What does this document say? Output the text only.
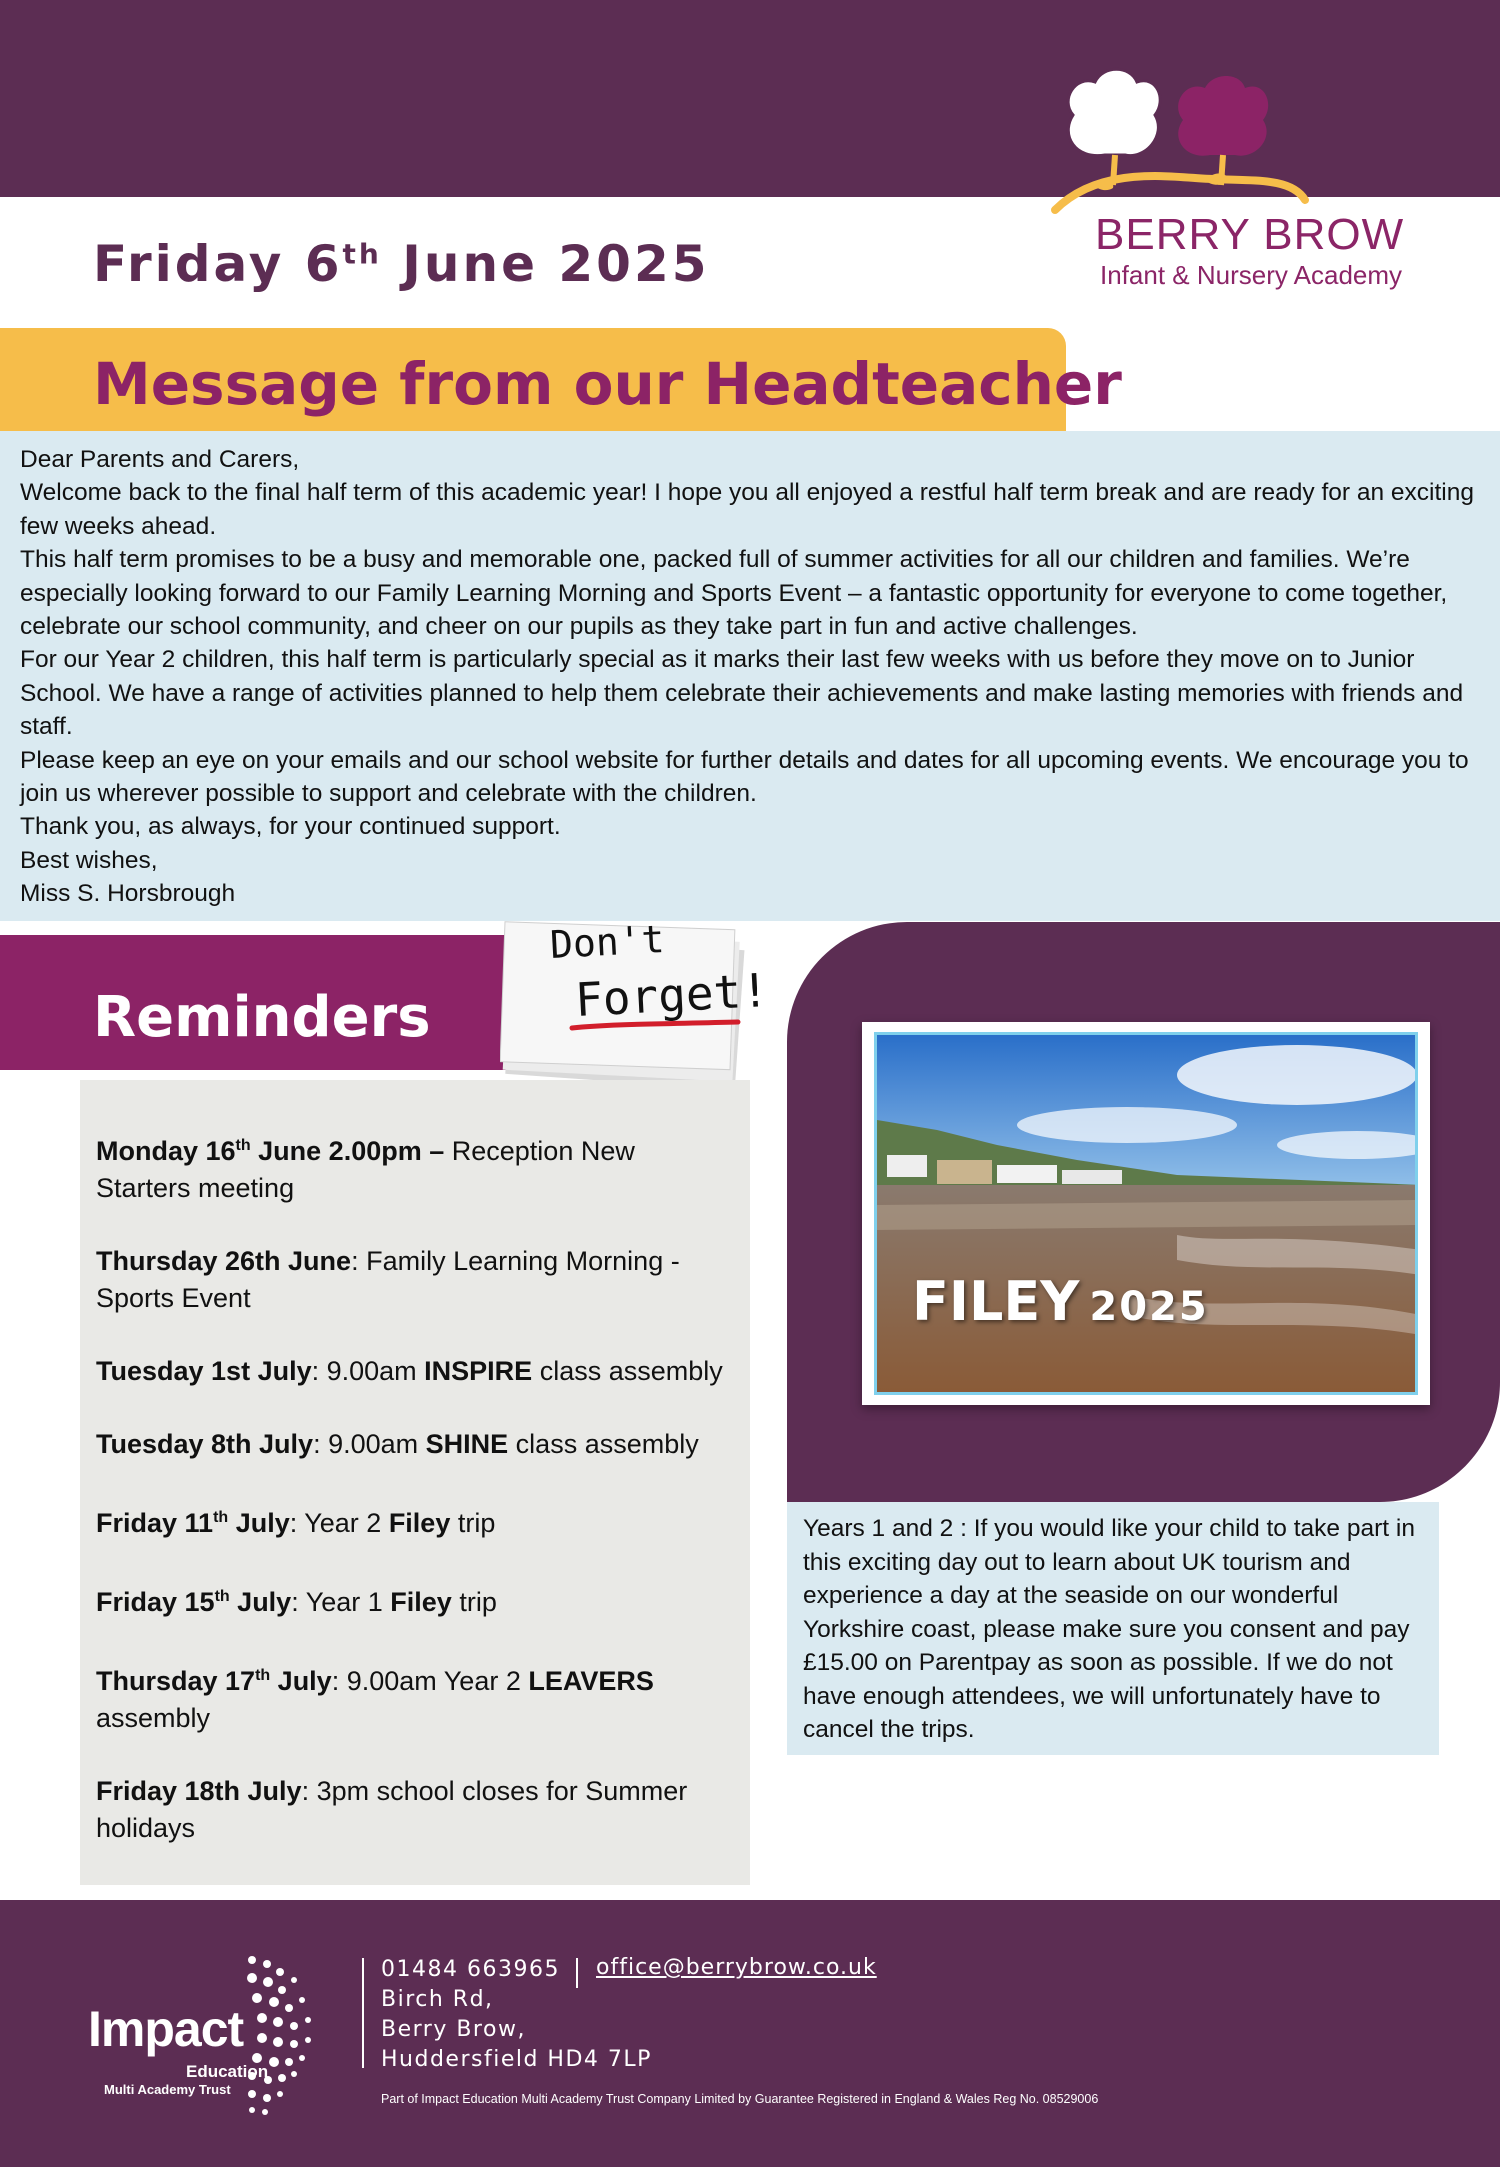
BERRY BROW
Infant & Nursery Academy
Friday 6th June 2025
Message from our Headteacher

Dear Parents and Carers,

Welcome back to the final half term of this academic year! I hope you all enjoyed a restful half term break and are ready for an exciting few weeks ahead.

This half term promises to be a busy and memorable one, packed full of summer activities for all our children and families. We’re especially looking forward to our Family Learning Morning and Sports Event – a fantastic opportunity for everyone to come together, celebrate our school community, and cheer on our pupils as they take part in fun and active challenges.

For our Year 2 children, this half term is particularly special as it marks their last few weeks with us before they move on to Junior School. We have a range of activities planned to help them celebrate their achievements and make lasting memories with friends and staff.

Please keep an eye on your emails and our school website for further details and dates for all upcoming events. We encourage you to join us wherever possible to support and celebrate with the children.

Thank you, as always, for your continued support.

Best wishes,

Miss S. Horsbrough

Reminders
Don't
Forget!
Monday 16th June 2.00pm – Reception New Starters meeting
Thursday 26th June: Family Learning Morning - Sports Event
Tuesday 1st July: 9.00am INSPIRE class assembly
Tuesday 8th July: 9.00am SHINE class assembly
Friday 11th July: Year 2 Filey trip
Friday 15th July: Year 1 Filey trip
Thursday 17th July: 9.00am Year 2 LEAVERS assembly
Friday 18th July: 3pm school closes for Summer holidays
FILEY 2025
Years 1 and 2 : If you would like your child to take part in this exciting day out to learn about UK tourism and experience a day at the seaside on our wonderful Yorkshire coast, please make sure you consent and pay £15.00 on Parentpay as soon as possible. If we do not have enough attendees, we will unfortunately have to cancel the trips.
Impact
Education
Multi Academy Trust
01484 663965
Birch Rd,
Berry Brow,
Huddersfield HD4 7LP
office@berrybrow.co.uk
Part of Impact Education Multi Academy Trust Company Limited by Guarantee Registered in England & Wales Reg No. 08529006
